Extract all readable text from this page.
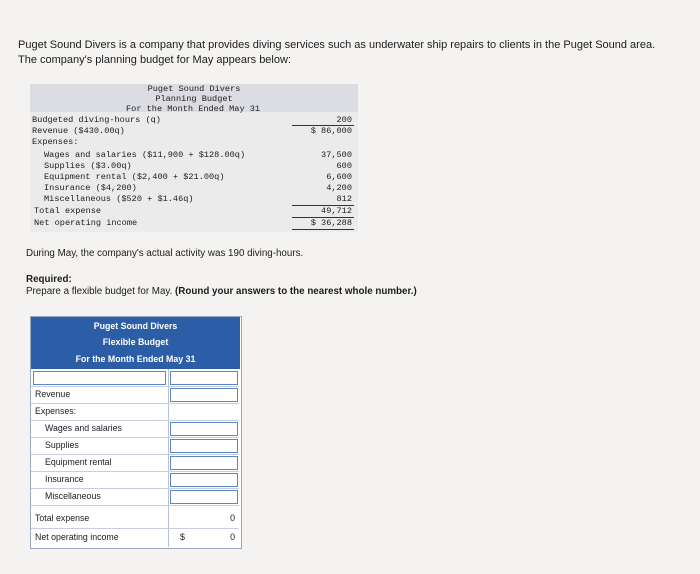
Puget Sound Divers is a company that provides diving services such as underwater ship repairs to clients in the Puget Sound area.
The company's planning budget for May appears below:
Puget Sound Divers
Planning Budget
For the Month Ended May 31
Budgeted diving-hours (q)	200
Revenue ($430.00q)	$ 86,000
Expenses:
Wages and salaries ($11,900 + $128.00q)	37,500
Supplies ($3.00q)	600
Equipment rental ($2,400 + $21.00q)	6,600
Insurance ($4,200)	4,200
Miscellaneous ($520 + $1.46q)	812
Total expense	49,712
Net operating income	$ 36,288
During May, the company's actual activity was 190 diving-hours.
Required:
Prepare a flexible budget for May. (Round your answers to the nearest whole number.)
Puget Sound Divers
Flexible Budget
For the Month Ended May 31
Revenue
Expenses:
Wages and salaries
Supplies
Equipment rental
Insurance
Miscellaneous
Total expense	0
Net operating income	$	0
